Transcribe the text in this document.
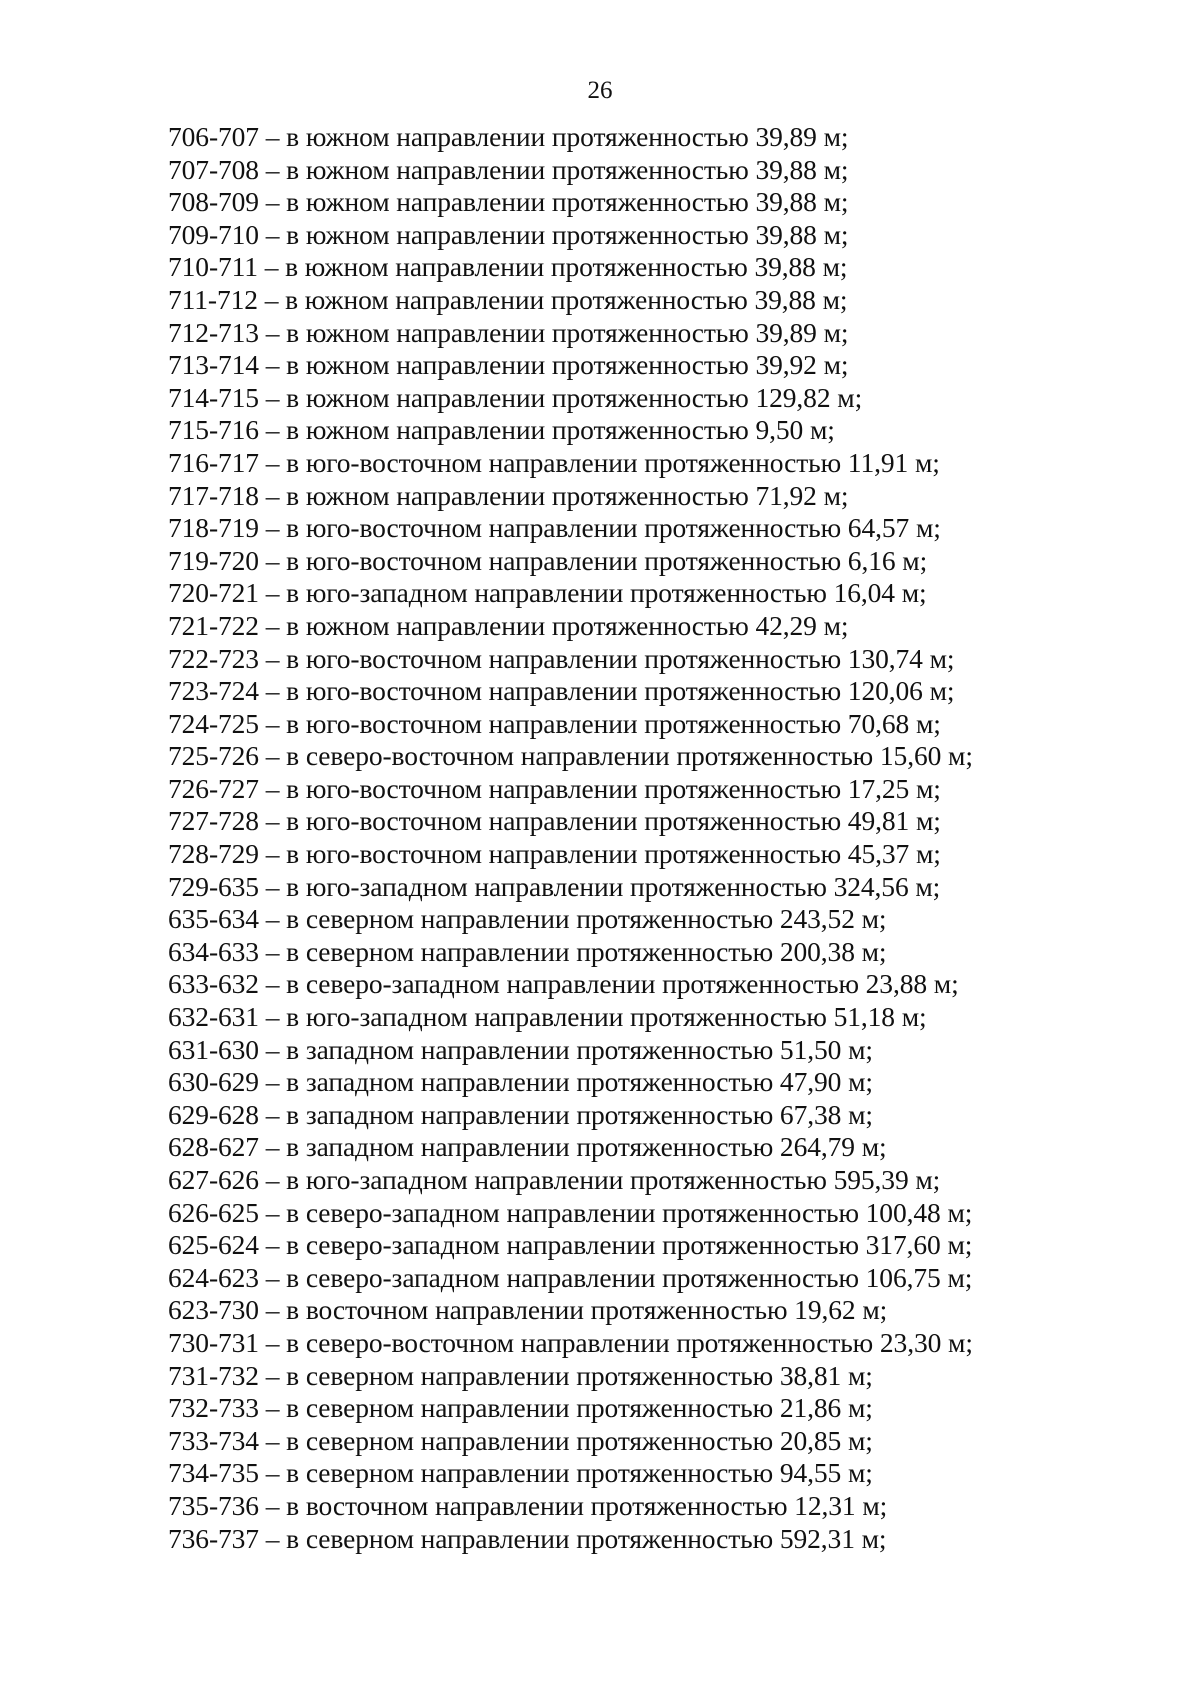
26
706-707 – в южном направлении протяженностью 39,89 м;
707-708 – в южном направлении протяженностью 39,88 м;
708-709 – в южном направлении протяженностью 39,88 м;
709-710 – в южном направлении протяженностью 39,88 м;
710-711 – в южном направлении протяженностью 39,88 м;
711-712 – в южном направлении протяженностью 39,88 м;
712-713 – в южном направлении протяженностью 39,89 м;
713-714 – в южном направлении протяженностью 39,92 м;
714-715 – в южном направлении протяженностью 129,82 м;
715-716 – в южном направлении протяженностью 9,50 м;
716-717 – в юго-восточном направлении протяженностью 11,91 м;
717-718 – в южном направлении протяженностью 71,92 м;
718-719 – в юго-восточном направлении протяженностью 64,57 м;
719-720 – в юго-восточном направлении протяженностью 6,16 м;
720-721 – в юго-западном направлении протяженностью 16,04 м;
721-722 – в южном направлении протяженностью 42,29 м;
722-723 – в юго-восточном направлении протяженностью 130,74 м;
723-724 – в юго-восточном направлении протяженностью 120,06 м;
724-725 – в юго-восточном направлении протяженностью 70,68 м;
725-726 – в северо-восточном направлении протяженностью 15,60 м;
726-727 – в юго-восточном направлении протяженностью 17,25 м;
727-728 – в юго-восточном направлении протяженностью 49,81 м;
728-729 – в юго-восточном направлении протяженностью 45,37 м;
729-635 – в юго-западном направлении протяженностью 324,56 м;
635-634 – в северном направлении протяженностью 243,52 м;
634-633 – в северном направлении протяженностью 200,38 м;
633-632 – в северо-западном направлении протяженностью 23,88 м;
632-631 – в юго-западном направлении протяженностью 51,18 м;
631-630 – в западном направлении протяженностью 51,50 м;
630-629 – в западном направлении протяженностью 47,90 м;
629-628 – в западном направлении протяженностью 67,38 м;
628-627 – в западном направлении протяженностью 264,79 м;
627-626 – в юго-западном направлении протяженностью 595,39 м;
626-625 – в северо-западном направлении протяженностью 100,48 м;
625-624 – в северо-западном направлении протяженностью 317,60 м;
624-623 – в северо-западном направлении протяженностью 106,75 м;
623-730 – в восточном направлении протяженностью 19,62 м;
730-731 – в северо-восточном направлении протяженностью 23,30 м;
731-732 – в северном направлении протяженностью 38,81 м;
732-733 – в северном направлении протяженностью 21,86 м;
733-734 – в северном направлении протяженностью 20,85 м;
734-735 – в северном направлении протяженностью 94,55 м;
735-736 – в восточном направлении протяженностью 12,31 м;
736-737 – в северном направлении протяженностью 592,31 м;
